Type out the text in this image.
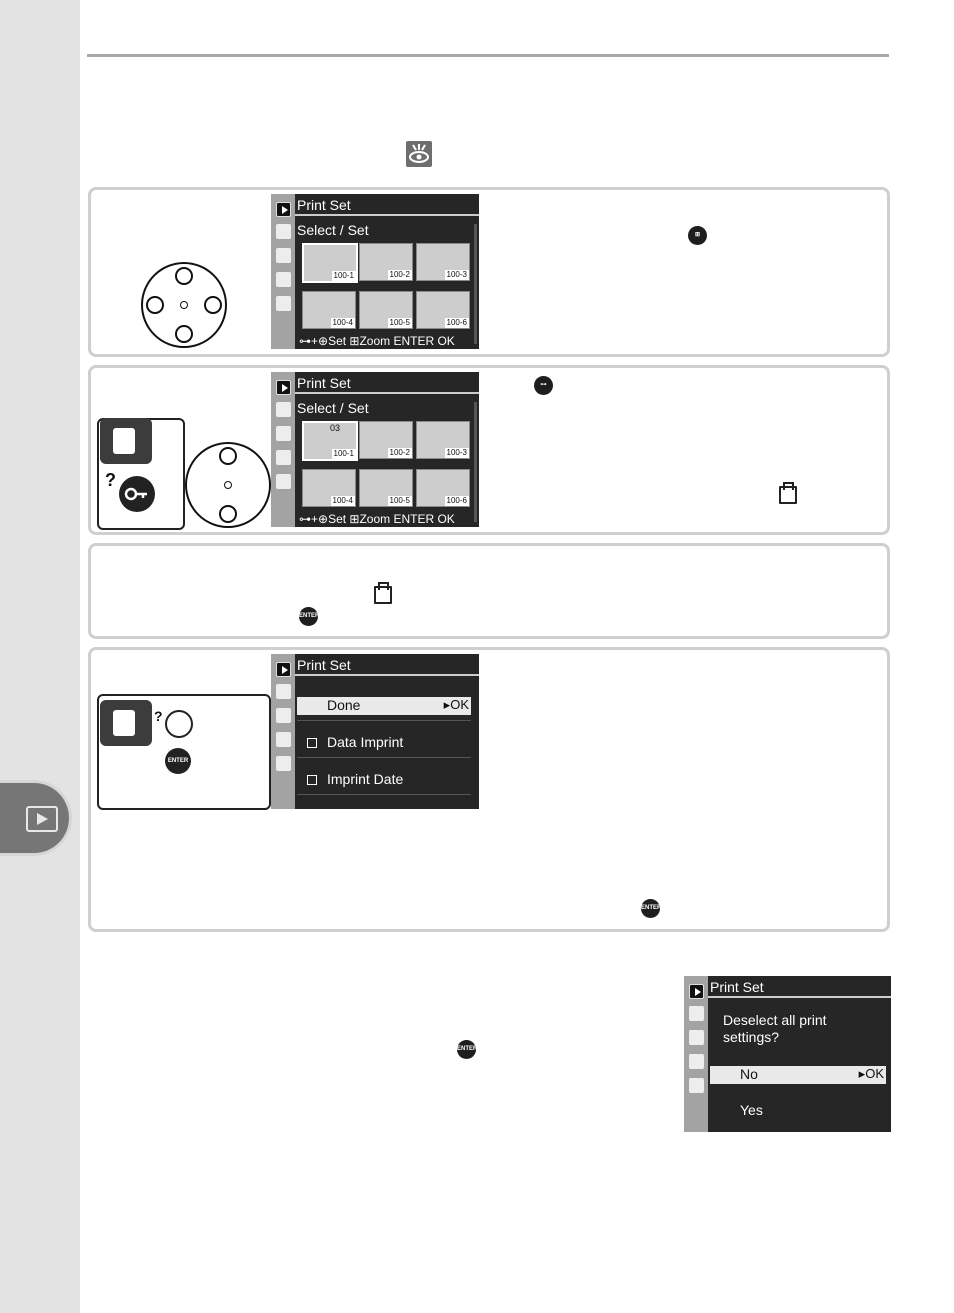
Print Set
Select / Set
100-1	100-2	100-3
100-4	100-5	100-6
⊶+⊕Set ⊞Zoom ENTER OK
⊞
?
Print Set
Select / Set
03
100-1	100-2	100-3
100-4	100-5	100-6
⊶+⊕Set ⊞Zoom ENTER OK
⊶
ENTER
?
ENTER
Print Set
Done	▸OK
Data Imprint
Imprint Date
ENTER
ENTER
Print Set
Deselect all print settings?
No	▸OK
Yes
